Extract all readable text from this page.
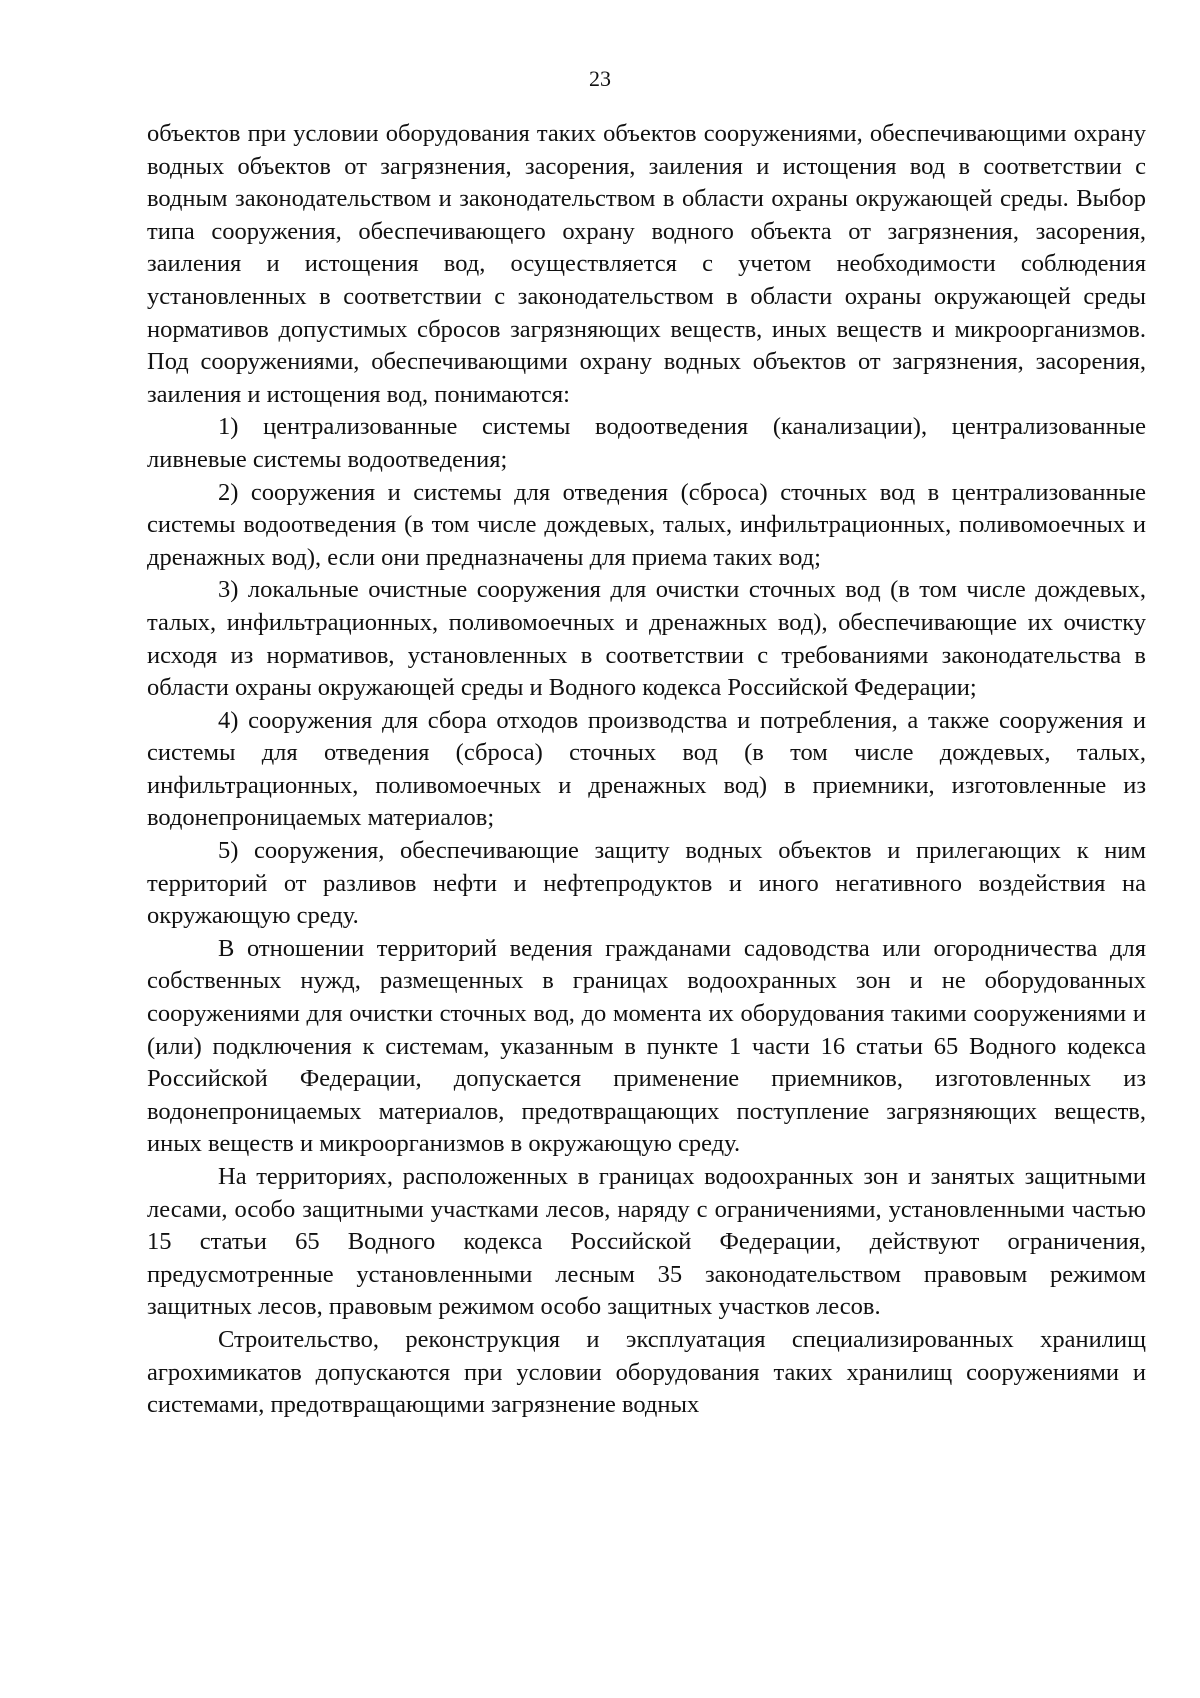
23

объектов при условии оборудования таких объектов сооружениями, обеспечивающими охрану водных объектов от загрязнения, засорения, заиления и истощения вод в соответствии с водным законодательством и законодательством в области охраны окружающей среды. Выбор типа сооружения, обеспечивающего охрану водного объекта от загрязнения, засорения, заиления и истощения вод, осуществляется с учетом необходимости соблюдения установленных в соответствии с законодательством в области охраны окружающей среды нормативов допустимых сбросов загрязняющих веществ, иных веществ и микроорганизмов. Под сооружениями, обеспечивающими охрану водных объектов от загрязнения, засорения, заиления и истощения вод, понимаются:

1) централизованные системы водоотведения (канализации), централизованные ливневые системы водоотведения;

2) сооружения и системы для отведения (сброса) сточных вод в централизованные системы водоотведения (в том числе дождевых, талых, инфильтрационных, поливомоечных и дренажных вод), если они предназначены для приема таких вод;

3) локальные очистные сооружения для очистки сточных вод (в том числе дождевых, талых, инфильтрационных, поливомоечных и дренажных вод), обеспечивающие их очистку исходя из нормативов, установленных в соответствии с требованиями законодательства в области охраны окружающей среды и Водного кодекса Российской Федерации;

4) сооружения для сбора отходов производства и потребления, а также сооружения и системы для отведения (сброса) сточных вод (в том числе дождевых, талых, инфильтрационных, поливомоечных и дренажных вод) в приемники, изготовленные из водонепроницаемых материалов;

5) сооружения, обеспечивающие защиту водных объектов и прилегающих к ним территорий от разливов нефти и нефтепродуктов и иного негативного воздействия на окружающую среду.

В отношении территорий ведения гражданами садоводства или огородничества для собственных нужд, размещенных в границах водоохранных зон и не оборудованных сооружениями для очистки сточных вод, до момента их оборудования такими сооружениями и (или) подключения к системам, указанным в пункте 1 части 16 статьи 65 Водного кодекса Российской Федерации, допускается применение приемников, изготовленных из водонепроницаемых материалов, предотвращающих поступление загрязняющих веществ, иных веществ и микроорганизмов в окружающую среду.

На территориях, расположенных в границах водоохранных зон и занятых защитными лесами, особо защитными участками лесов, наряду с ограничениями, установленными частью 15 статьи 65 Водного кодекса Российской Федерации, действуют ограничения, предусмотренные установленными лесным 35 законодательством правовым режимом защитных лесов, правовым режимом особо защитных участков лесов.

Строительство, реконструкция и эксплуатация специализированных хранилищ агрохимикатов допускаются при условии оборудования таких хранилищ сооружениями и системами, предотвращающими загрязнение водных
